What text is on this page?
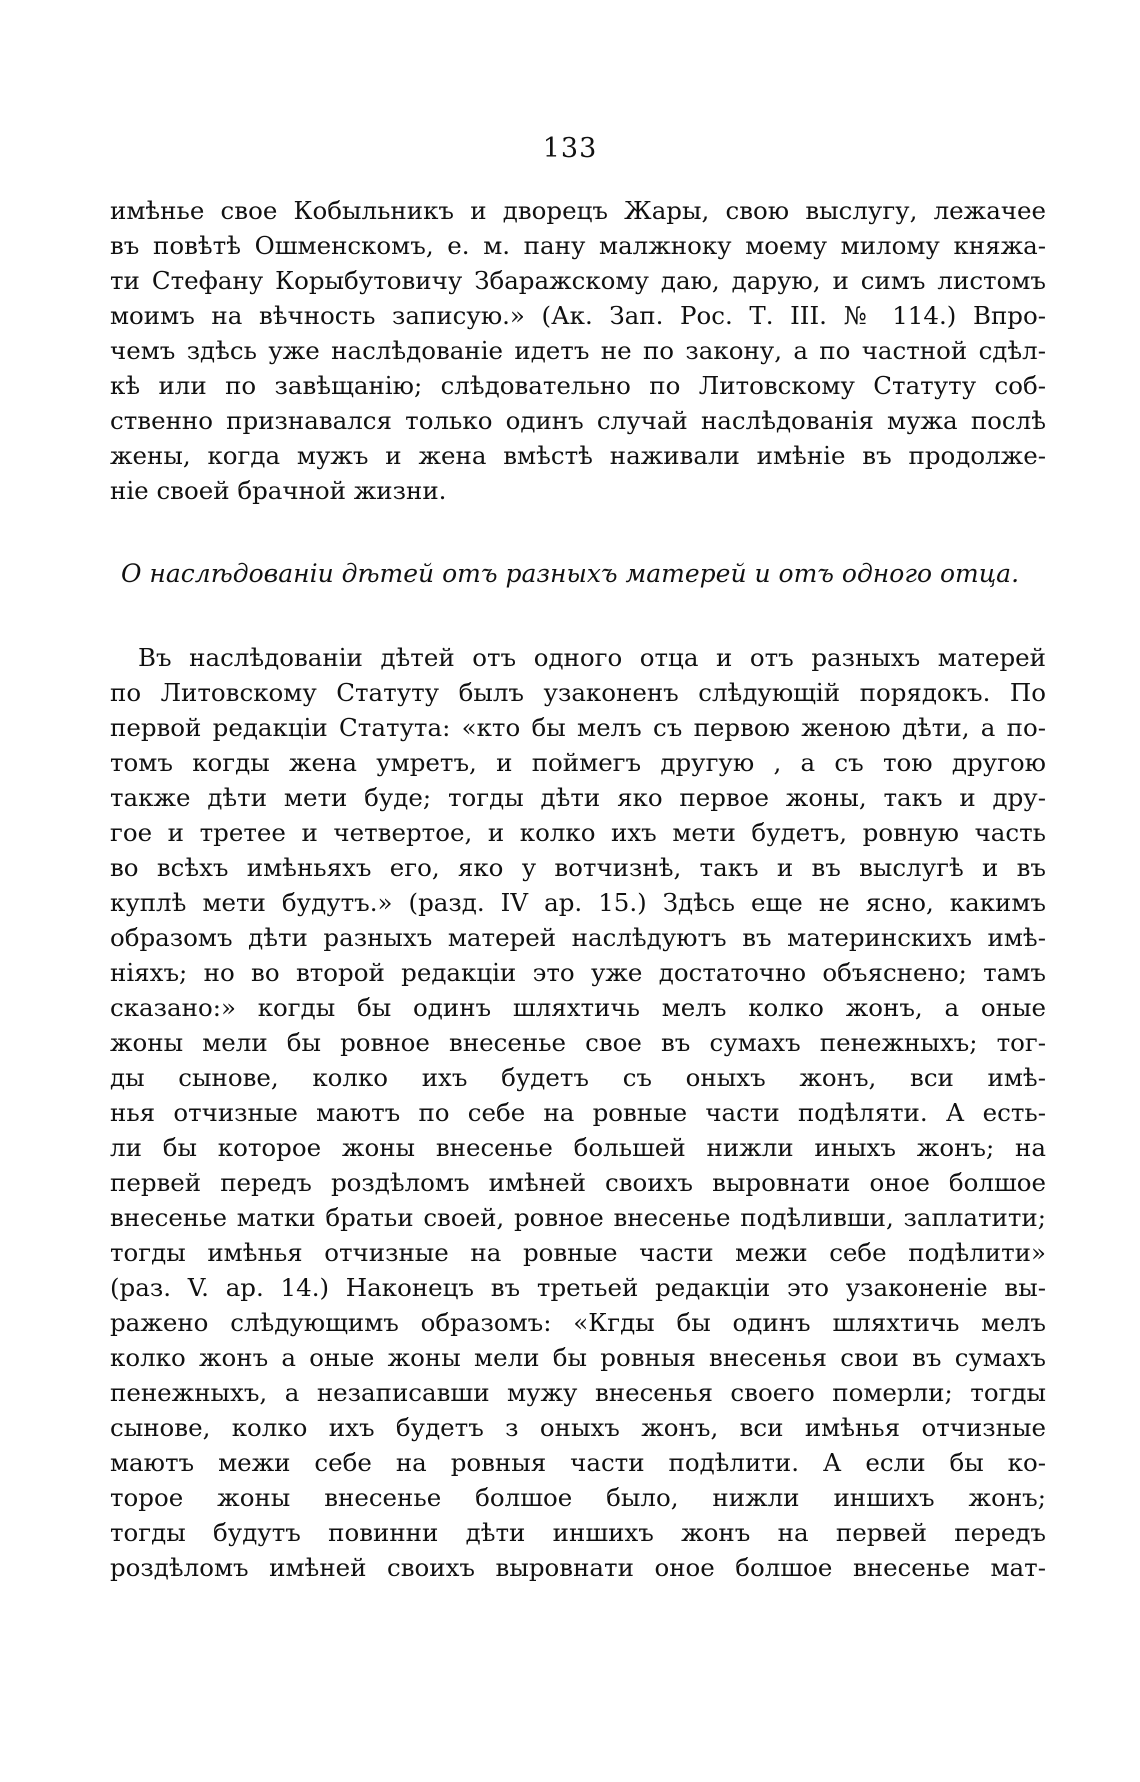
133

имѣнье свое Кобыльникъ и дворецъ Жары, свою выслугу, лежачее
въ повѣтѣ Ошменскомъ, е. м. пану малжноку моему милому княжа-
ти Стефану Корыбутовичу Збаражскому даю, дарую, и симъ листомъ
моимъ на вѣчность записую.» (Ак. Зап. Рос. Т. III. № 114.) Впро-
чемъ здѣсь уже наслѣдованіе идетъ не по закону, а по частной сдѣл-
кѣ или по завѣщанію; слѣдовательно по Литовскому Статуту соб-
ственно признавался только одинъ случай наслѣдованія мужа послѣ
жены, когда мужъ и жена вмѣстѣ наживали имѣніе въ продолже-
ніе своей брачной жизни.

О наслѣдованіи дѣтей отъ разныхъ матерей и отъ одного отца.

Въ наслѣдованіи дѣтей отъ одного отца и отъ разныхъ матерей
по Литовскому Статуту былъ узаконенъ слѣдующій порядокъ. По
первой редакціи Статута: «кто бы мелъ съ первою женою дѣти, а по-
томъ когды жена умретъ, и поймегъ другую , а съ тою другою
также дѣти мети буде; тогды дѣти яко первое жоны, такъ и дру-
гое и третее и четвертое, и колко ихъ мети будетъ, ровную часть
во всѣхъ имѣньяхъ его, яко у вотчизнѣ, такъ и въ выслугѣ и въ
куплѣ мети будутъ.» (разд. IV ар. 15.) Здѣсь еще не ясно, какимъ
образомъ дѣти разныхъ матерей наслѣдуютъ въ материнскихъ имѣ-
ніяхъ; но во второй редакціи это уже достаточно объяснено; тамъ
сказано:» когды бы одинъ шляхтичь мелъ колко жонъ, а оные
жоны мели бы ровное внесенье свое въ сумахъ пенежныхъ; тог-
ды сынове, колко ихъ будетъ съ оныхъ жонъ, вси имѣ-
нья отчизные маютъ по себе на ровные части подѣляти. А есть-
ли бы которое жоны внесенье большей нижли иныхъ жонъ; на
первей передъ роздѣломъ имѣней своихъ выровнати оное болшое
внесенье матки братьи своей, ровное внесенье подѣливши, заплатити;
тогды имѣнья отчизные на ровные части межи себе подѣлити»
(раз. V. ар. 14.) Наконецъ въ третьей редакціи это узаконеніе вы-
ражено слѣдующимъ образомъ: «Кгды бы одинъ шляхтичь мелъ
колко жонъ а оные жоны мели бы ровныя внесенья свои въ сумахъ
пенежныхъ, а незаписавши мужу внесенья своего померли; тогды
сынове, колко ихъ будетъ з оныхъ жонъ, вси имѣнья отчизные
маютъ межи себе на ровныя части подѣлити. А если бы ко-
торое жоны внесенье болшое было, нижли иншихъ жонъ;
тогды будутъ повинни дѣти иншихъ жонъ на первей передъ
роздѣломъ имѣней своихъ выровнати оное болшое внесенье мат-
